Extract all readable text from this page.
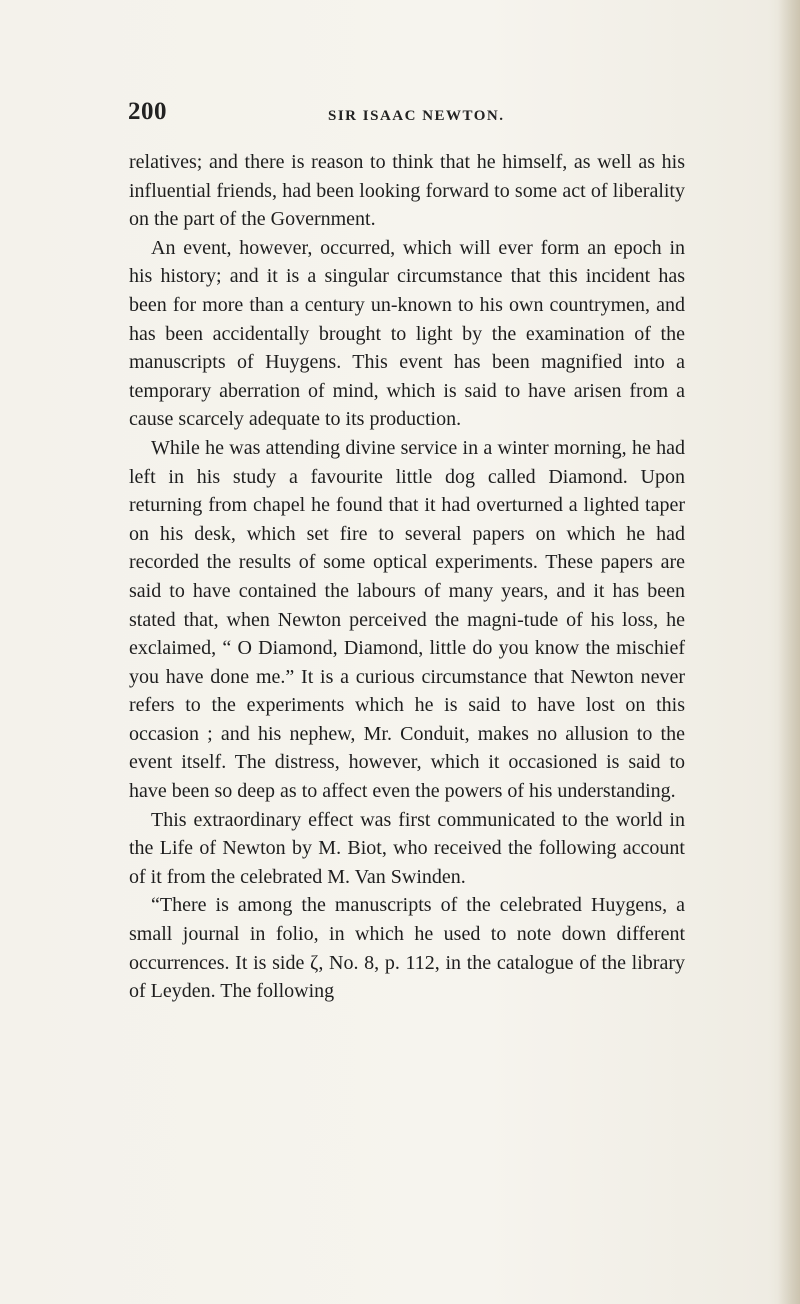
200	SIR ISAAC NEWTON.

relatives; and there is reason to think that he himself, as well as his influential friends, had been looking forward to some act of liberality on the part of the Government.

An event, however, occurred, which will ever form an epoch in his history; and it is a singular circumstance that this incident has been for more than a century un-known to his own countrymen, and has been accidentally brought to light by the examination of the manuscripts of Huygens. This event has been magnified into a temporary aberration of mind, which is said to have arisen from a cause scarcely adequate to its production.

While he was attending divine service in a winter morning, he had left in his study a favourite little dog called Diamond. Upon returning from chapel he found that it had overturned a lighted taper on his desk, which set fire to several papers on which he had recorded the results of some optical experiments. These papers are said to have contained the labours of many years, and it has been stated that, when Newton perceived the magni-tude of his loss, he exclaimed, “ O Diamond, Diamond, little do you know the mischief you have done me.” It is a curious circumstance that Newton never refers to the experiments which he is said to have lost on this occasion ; and his nephew, Mr. Conduit, makes no allusion to the event itself. The distress, however, which it occasioned is said to have been so deep as to affect even the powers of his understanding.

This extraordinary effect was first communicated to the world in the Life of Newton by M. Biot, who received the following account of it from the celebrated M. Van Swinden.

“There is among the manuscripts of the celebrated Huygens, a small journal in folio, in which he used to note down different occurrences. It is side ζ, No. 8, p. 112, in the catalogue of the library of Leyden. The following
